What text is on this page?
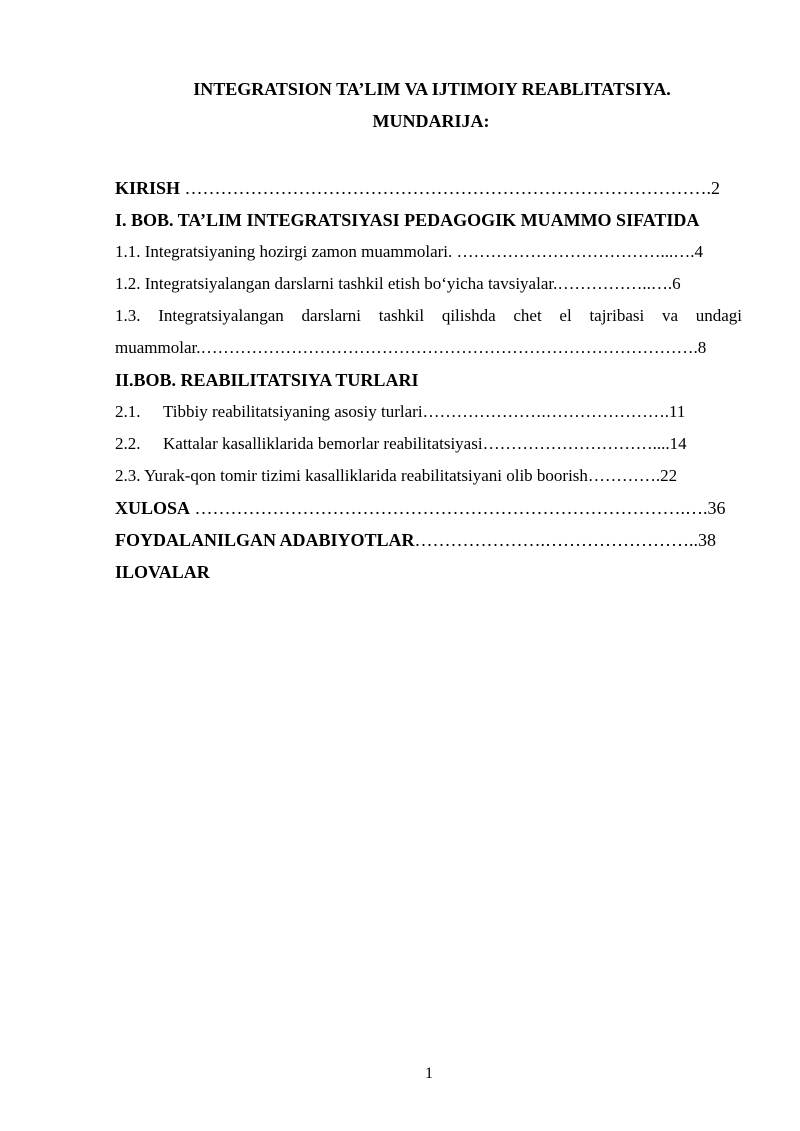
INTEGRATSION TA’LIM VA IJTIMOIY REABLITATSIYA.
MUNDARIJA:
KIRISH …………………………………………………………………………….2
I. BOB. TA’LIM INTEGRATSIYASI PEDAGOGIK MUAMMO SIFATIDA
1.1. Integratsiyaning hozirgi zamon muammolari. ………………………………...….4
1.2. Integratsiyalangan darslarni tashkil etish bo‘yicha tavsiyalar.……………..….6
1.3. Integratsiyalangan darslarni tashkil qilishda chet el tajribasi va undagi
muammolar.…………………………………………………………………………….8
II.BOB. REABILITATSIYA TURLARI
2.1. Tibbiy reabilitatsiyaning asosiy turlari………………….………………….11
2.2. Kattalar kasalliklarida bemorlar reabilitatsiyasi…………………………....14
2.3. Yurak-qon tomir tizimi kasalliklarida reabilitatsiyani olib boorish………….22
XULOSA ……………………………………………………………………….….36
FOYDALANILGAN ADABIYOTLAR………………….……………………..38
ILOVALAR
1
